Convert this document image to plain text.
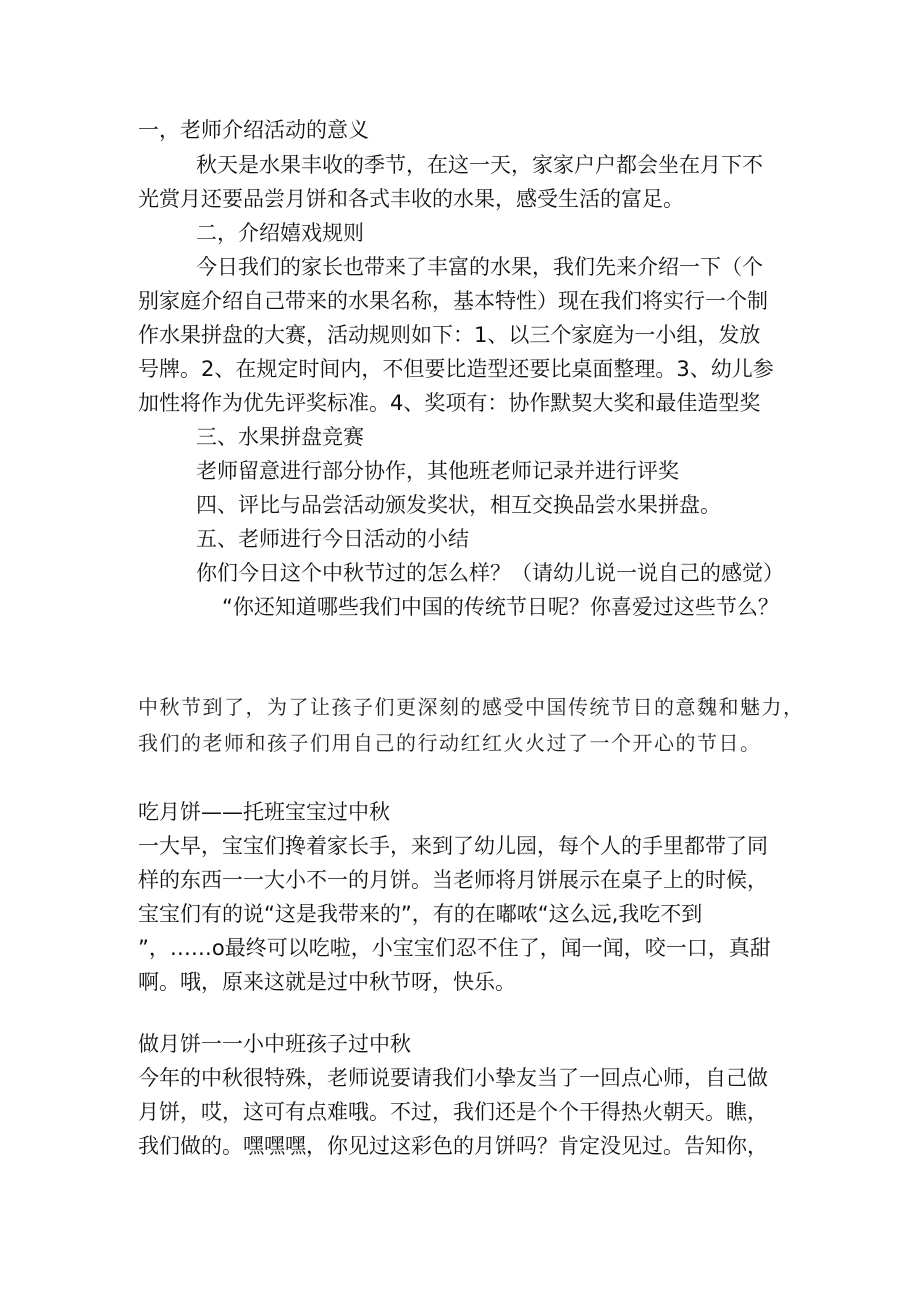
一，老师介绍活动的意义
秋天是水果丰收的季节，在这一天，家家户户都会坐在月下不
光赏月还要品尝月饼和各式丰收的水果，感受生活的富足。
二，介绍嬉戏规则
今日我们的家长也带来了丰富的水果，我们先来介绍一下（个
别家庭介绍自己带来的水果名称，基本特性）现在我们将实行一个制
作水果拼盘的大赛，活动规则如下：1、以三个家庭为一小组，发放
号牌。2、在规定时间内，不但要比造型还要比桌面整理。3、幼儿参
加性将作为优先评奖标准。4、奖项有：协作默契大奖和最佳造型奖
三、水果拼盘竞赛
老师留意进行部分协作，其他班老师记录并进行评奖
四、评比与品尝活动颁发奖状，相互交换品尝水果拼盘。
五、老师进行今日活动的小结
你们今日这个中秋节过的怎么样？（请幼儿说一说自己的感觉）
“你还知道哪些我们中国的传统节日呢？你喜爱过这些节么？
中秋节到了，为了让孩子们更深刻的感受中国传统节日的意魏和魅力，
我们的老师和孩子们用自己的行动红红火火过了一个开心的节日。
吃月饼——托班宝宝过中秋
一大早，宝宝们搀着家长手，来到了幼儿园，每个人的手里都带了同
样的东西一一大小不一的月饼。当老师将月饼展示在桌子上的时候，
宝宝们有的说“这是我带来的”，有的在嘟哝“这么远,我吃不到
”，……o最终可以吃啦，小宝宝们忍不住了，闻一闻，咬一口，真甜
啊。哦，原来这就是过中秋节呀，快乐。
做月饼一一小中班孩子过中秋
今年的中秋很特殊，老师说要请我们小挚友当了一回点心师，自己做
月饼，哎，这可有点难哦。不过，我们还是个个干得热火朝天。瞧，
我们做的。嘿嘿嘿，你见过这彩色的月饼吗？肯定没见过。告知你，
